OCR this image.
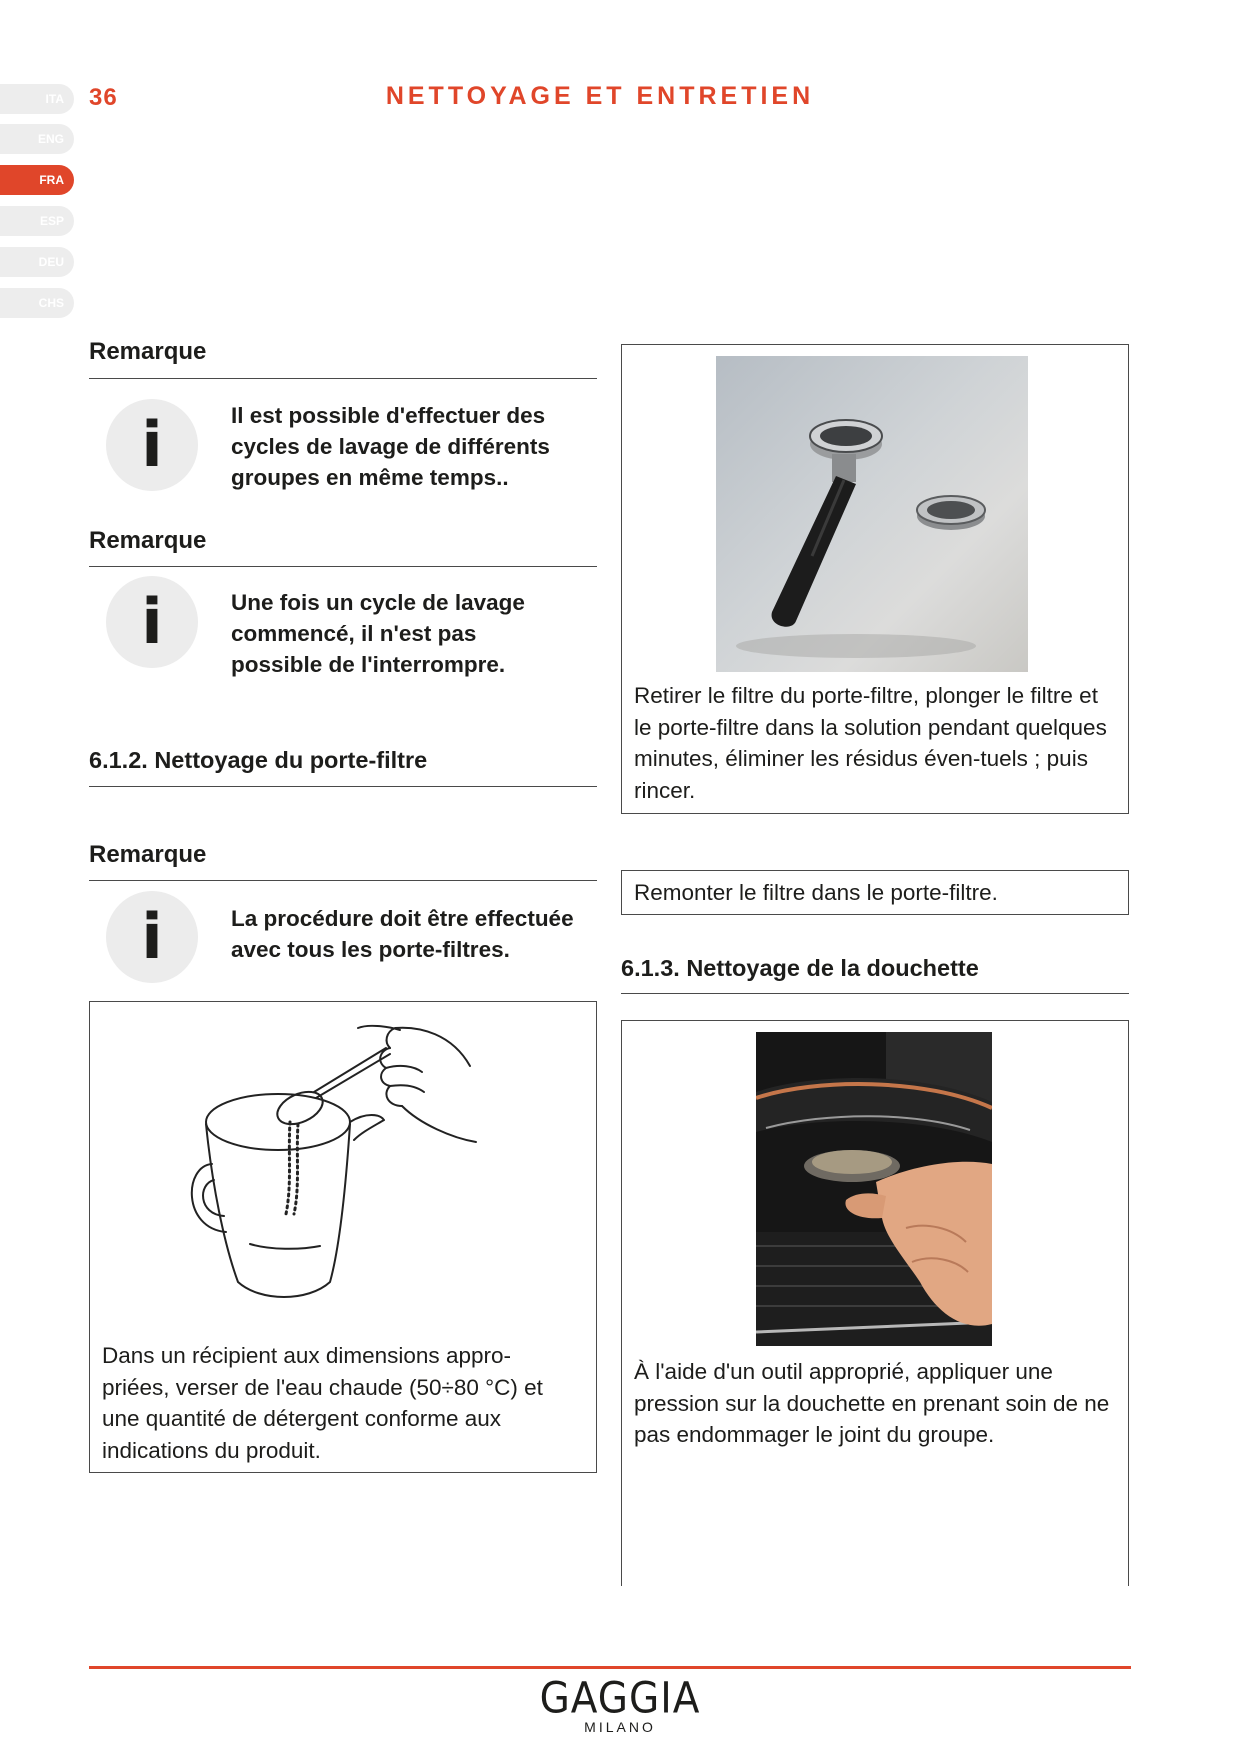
ITA
ENG
FRA
ESP
DEU
CHS
36	NETTOYAGE ET ENTRETIEN
Remarque
i	Il est possible d'effectuer des cycles de lavage de différents groupes en même temps..
Remarque
i	Une fois un cycle de lavage commencé, il n'est pas possible de l'interrompre.
6.1.2. Nettoyage du porte-filtre
Remarque
i	La procédure doit être effectuée avec tous les porte-filtres.
Dans un récipient aux dimensions appro-priées, verser de l'eau chaude (50÷80 °C) et une quantité de détergent conforme aux indications du produit.
Retirer le filtre du porte-filtre, plonger le filtre et le porte-filtre dans la solution pendant quelques minutes, éliminer les résidus éven-tuels ; puis rincer.
Remonter le filtre dans le porte-filtre.
6.1.3. Nettoyage de la douchette
À l'aide d'un outil approprié, appliquer une pression sur la douchette en prenant soin de ne pas endommager le joint du groupe.
GAGGIA
MILANO
